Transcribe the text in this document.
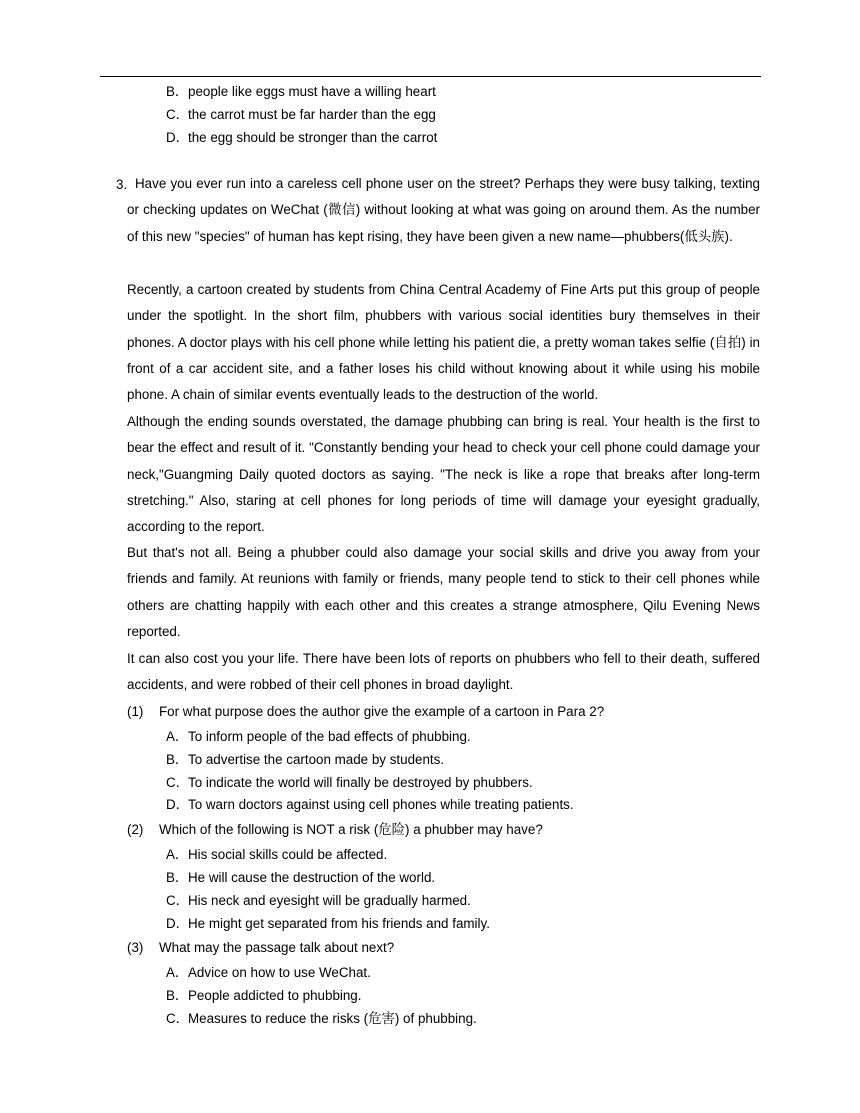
B．people like eggs must have a willing heart
C．the carrot must be far harder than the egg
D．the egg should be stronger than the carrot
3. Have you ever run into a careless cell phone user on the street? Perhaps they were busy talking, texting or checking updates on WeChat (微信) without looking at what was going on around them. As the number of this new "species" of human has kept rising, they have been given a new name—phubbers(低头族).

Recently, a cartoon created by students from China Central Academy of Fine Arts put this group of people under the spotlight. In the short film, phubbers with various social identities bury themselves in their phones. A doctor plays with his cell phone while letting his patient die, a pretty woman takes selfie (自拍) in front of a car accident site, and a father loses his child without knowing about it while using his mobile phone. A chain of similar events eventually leads to the destruction of the world.

Although the ending sounds overstated, the damage phubbing can bring is real. Your health is the first to bear the effect and result of it. "Constantly bending your head to check your cell phone could damage your neck,"Guangming Daily quoted doctors as saying. "The neck is like a rope that breaks after long-term stretching." Also, staring at cell phones for long periods of time will damage your eyesight gradually, according to the report.

But that's not all. Being a phubber could also damage your social skills and drive you away from your friends and family. At reunions with family or friends, many people tend to stick to their cell phones while others are chatting happily with each other and this creates a strange atmosphere, Qilu Evening News reported.

It can also cost you your life. There have been lots of reports on phubbers who fell to their death, suffered accidents, and were robbed of their cell phones in broad daylight.

(1) For what purpose does the author give the example of a cartoon in Para 2?
A．To inform people of the bad effects of phubbing.
B．To advertise the cartoon made by students.
C．To indicate the world will finally be destroyed by phubbers.
D．To warn doctors against using cell phones while treating patients.
(2) Which of the following is NOT a risk (危险) a phubber may have?
A．His social skills could be affected.
B．He will cause the destruction of the world.
C．His neck and eyesight will be gradually harmed.
D．He might get separated from his friends and family.
(3) What may the passage talk about next?
A．Advice on how to use WeChat.
B．People addicted to phubbing.
C．Measures to reduce the risks (危害) of phubbing.
